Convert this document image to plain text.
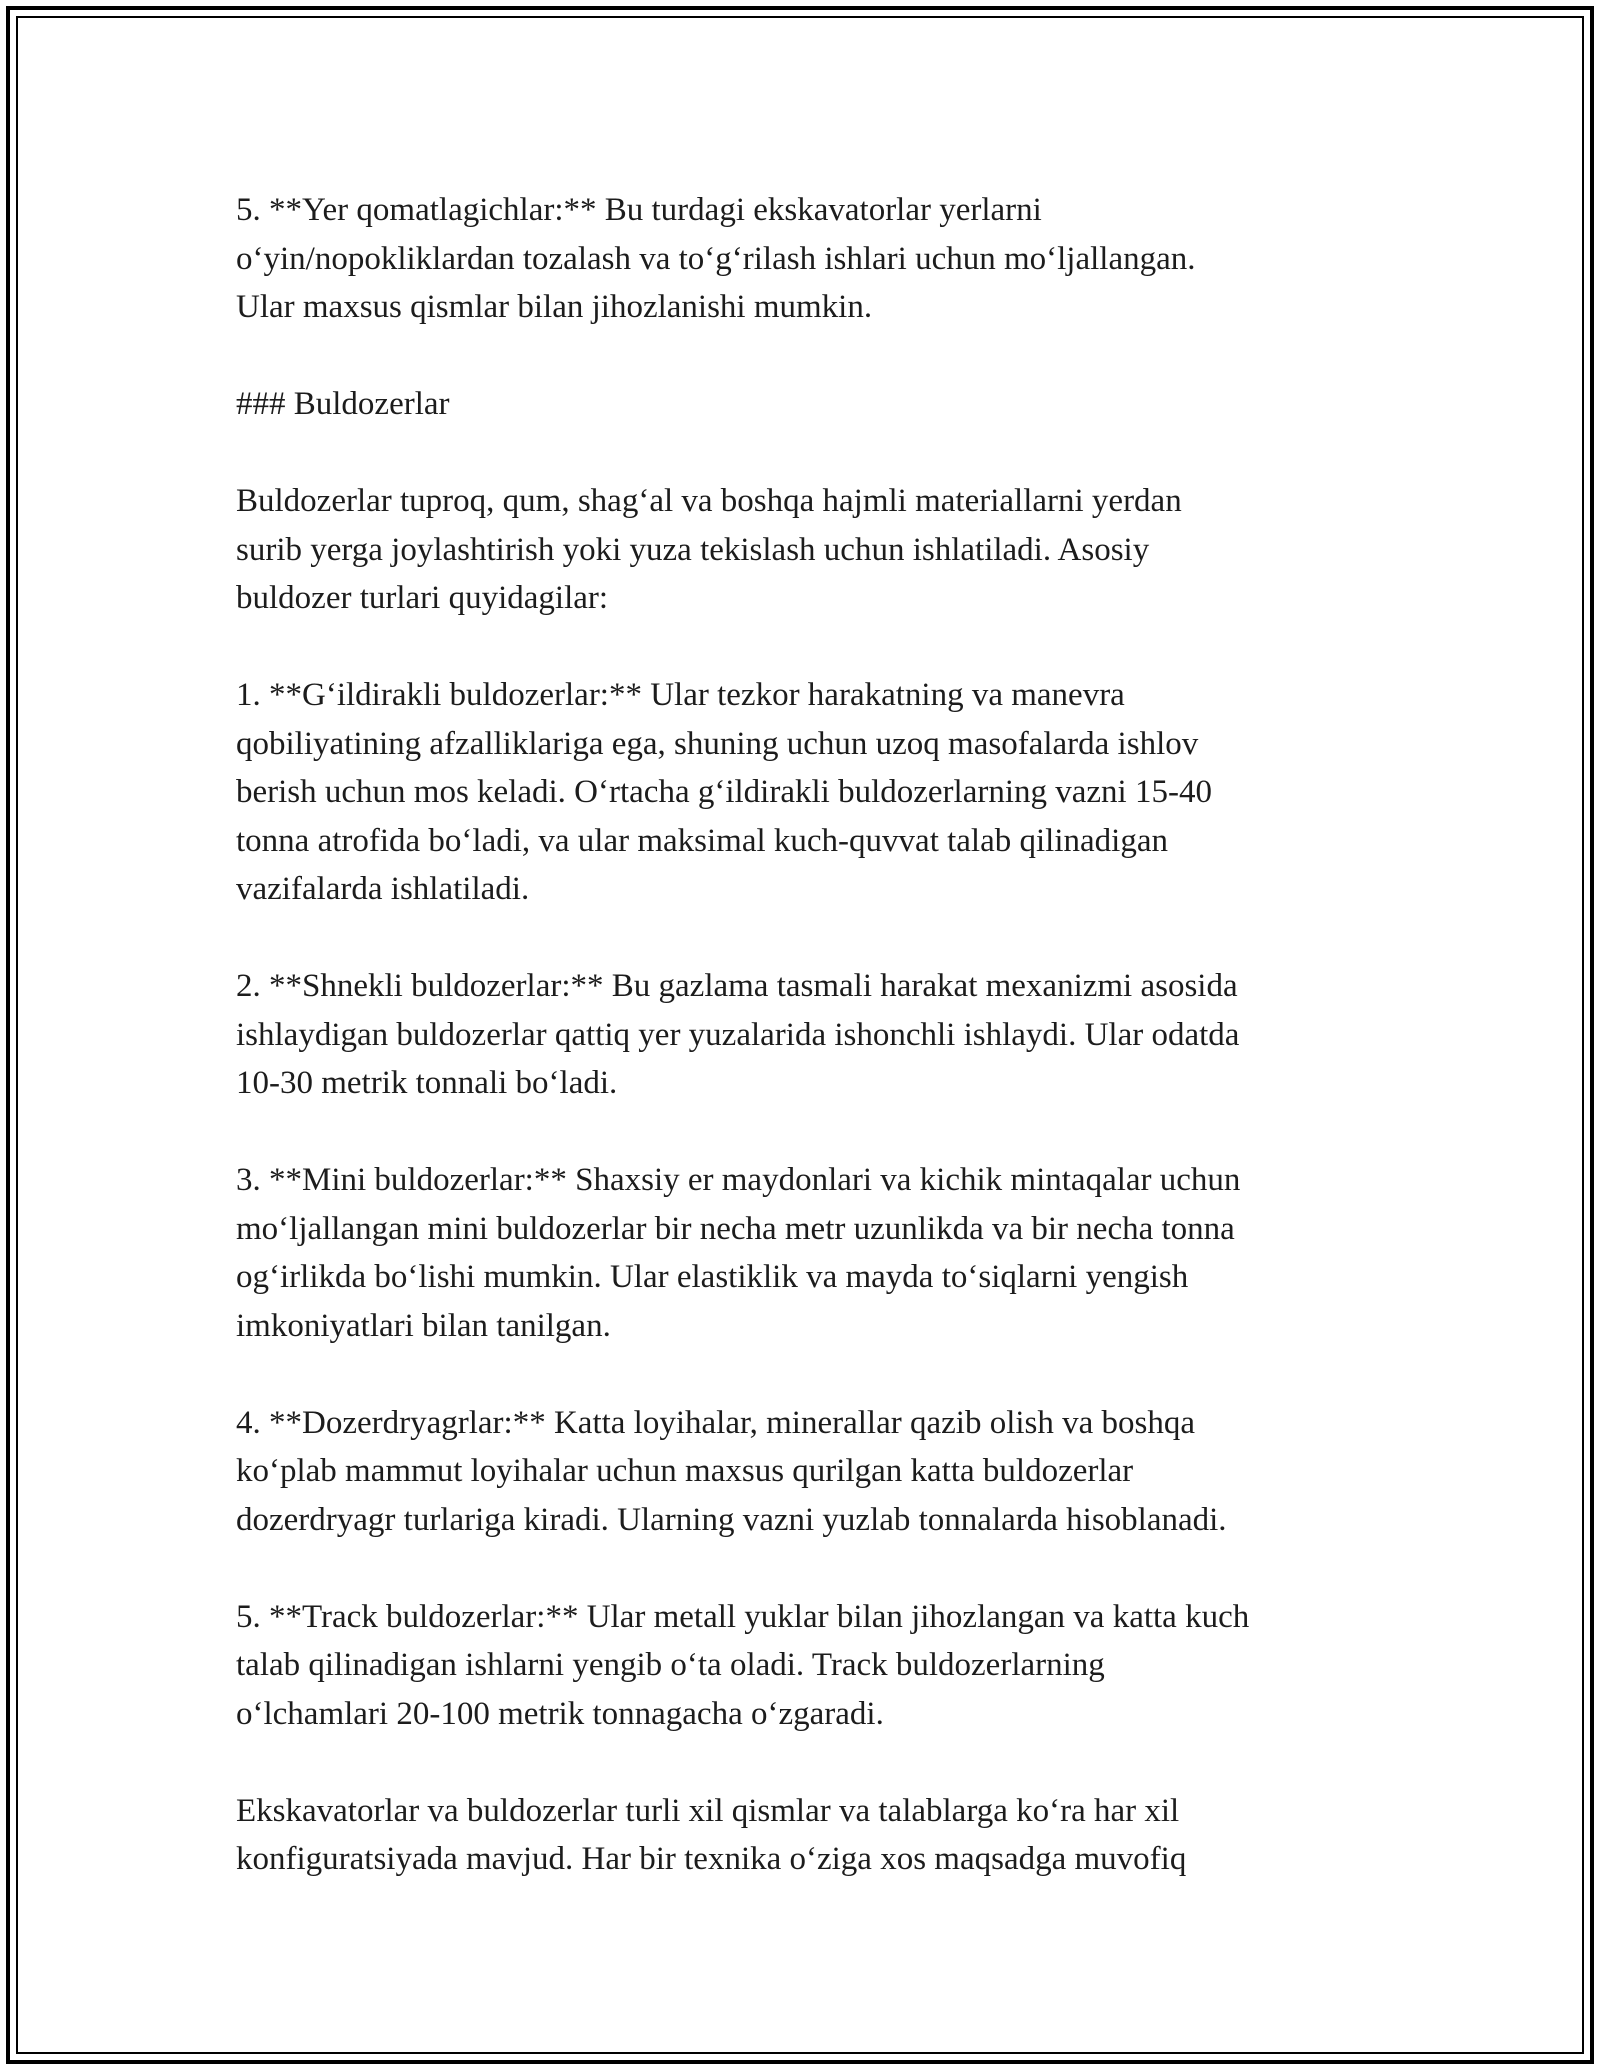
5. **Yer qomatlagichlar:** Bu turdagi ekskavatorlar yerlarni
o‘yin/nopokliklardan tozalash va to‘g‘rilash ishlari uchun mo‘ljallangan.
Ular maxsus qismlar bilan jihozlanishi mumkin.

### Buldozerlar

Buldozerlar tuproq, qum, shag‘al va boshqa hajmli materiallarni yerdan
surib yerga joylashtirish yoki yuza tekislash uchun ishlatiladi. Asosiy
buldozer turlari quyidagilar:

1. **G‘ildirakli buldozerlar:** Ular tezkor harakatning va manevra
qobiliyatining afzalliklariga ega, shuning uchun uzoq masofalarda ishlov
berish uchun mos keladi. O‘rtacha g‘ildirakli buldozerlarning vazni 15-40
tonna atrofida bo‘ladi, va ular maksimal kuch-quvvat talab qilinadigan
vazifalarda ishlatiladi.

2. **Shnekli buldozerlar:** Bu gazlama tasmali harakat mexanizmi asosida
ishlaydigan buldozerlar qattiq yer yuzalarida ishonchli ishlaydi. Ular odatda
10-30 metrik tonnali bo‘ladi.

3. **Mini buldozerlar:** Shaxsiy er maydonlari va kichik mintaqalar uchun
mo‘ljallangan mini buldozerlar bir necha metr uzunlikda va bir necha tonna
og‘irlikda bo‘lishi mumkin. Ular elastiklik va mayda to‘siqlarni yengish
imkoniyatlari bilan tanilgan.

4. **Dozerdryagrlar:** Katta loyihalar, minerallar qazib olish va boshqa
ko‘plab mammut loyihalar uchun maxsus qurilgan katta buldozerlar
dozerdryagr turlariga kiradi. Ularning vazni yuzlab tonnalarda hisoblanadi.

5. **Track buldozerlar:** Ular metall yuklar bilan jihozlangan va katta kuch
talab qilinadigan ishlarni yengib o‘ta oladi. Track buldozerlarning
o‘lchamlari 20-100 metrik tonnagacha o‘zgaradi.

Ekskavatorlar va buldozerlar turli xil qismlar va talablarga ko‘ra har xil
konfiguratsiyada mavjud. Har bir texnika o‘ziga xos maqsadga muvofiq
